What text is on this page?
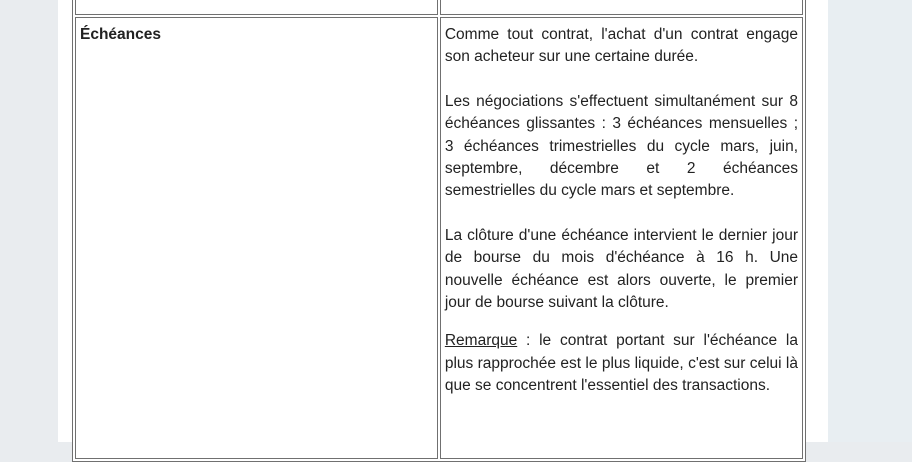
Échéances	Comme tout contrat, l'achat d'un contrat engage son acheteur sur une certaine durée.

Les négociations s'effectuent simultanément sur 8 échéances glissantes : 3 échéances mensuelles ; 3 échéances trimestrielles du cycle mars, juin, septembre, décembre et 2 échéances semestrielles du cycle mars et septembre.

La clôture d'une échéance intervient le dernier jour de bourse du mois d'échéance à 16 h. Une nouvelle échéance est alors ouverte, le premier jour de bourse suivant la clôture.

Remarque : le contrat portant sur l'échéance la plus rapprochée est le plus liquide, c'est sur celui là que se concentrent l'essentiel des transactions.
